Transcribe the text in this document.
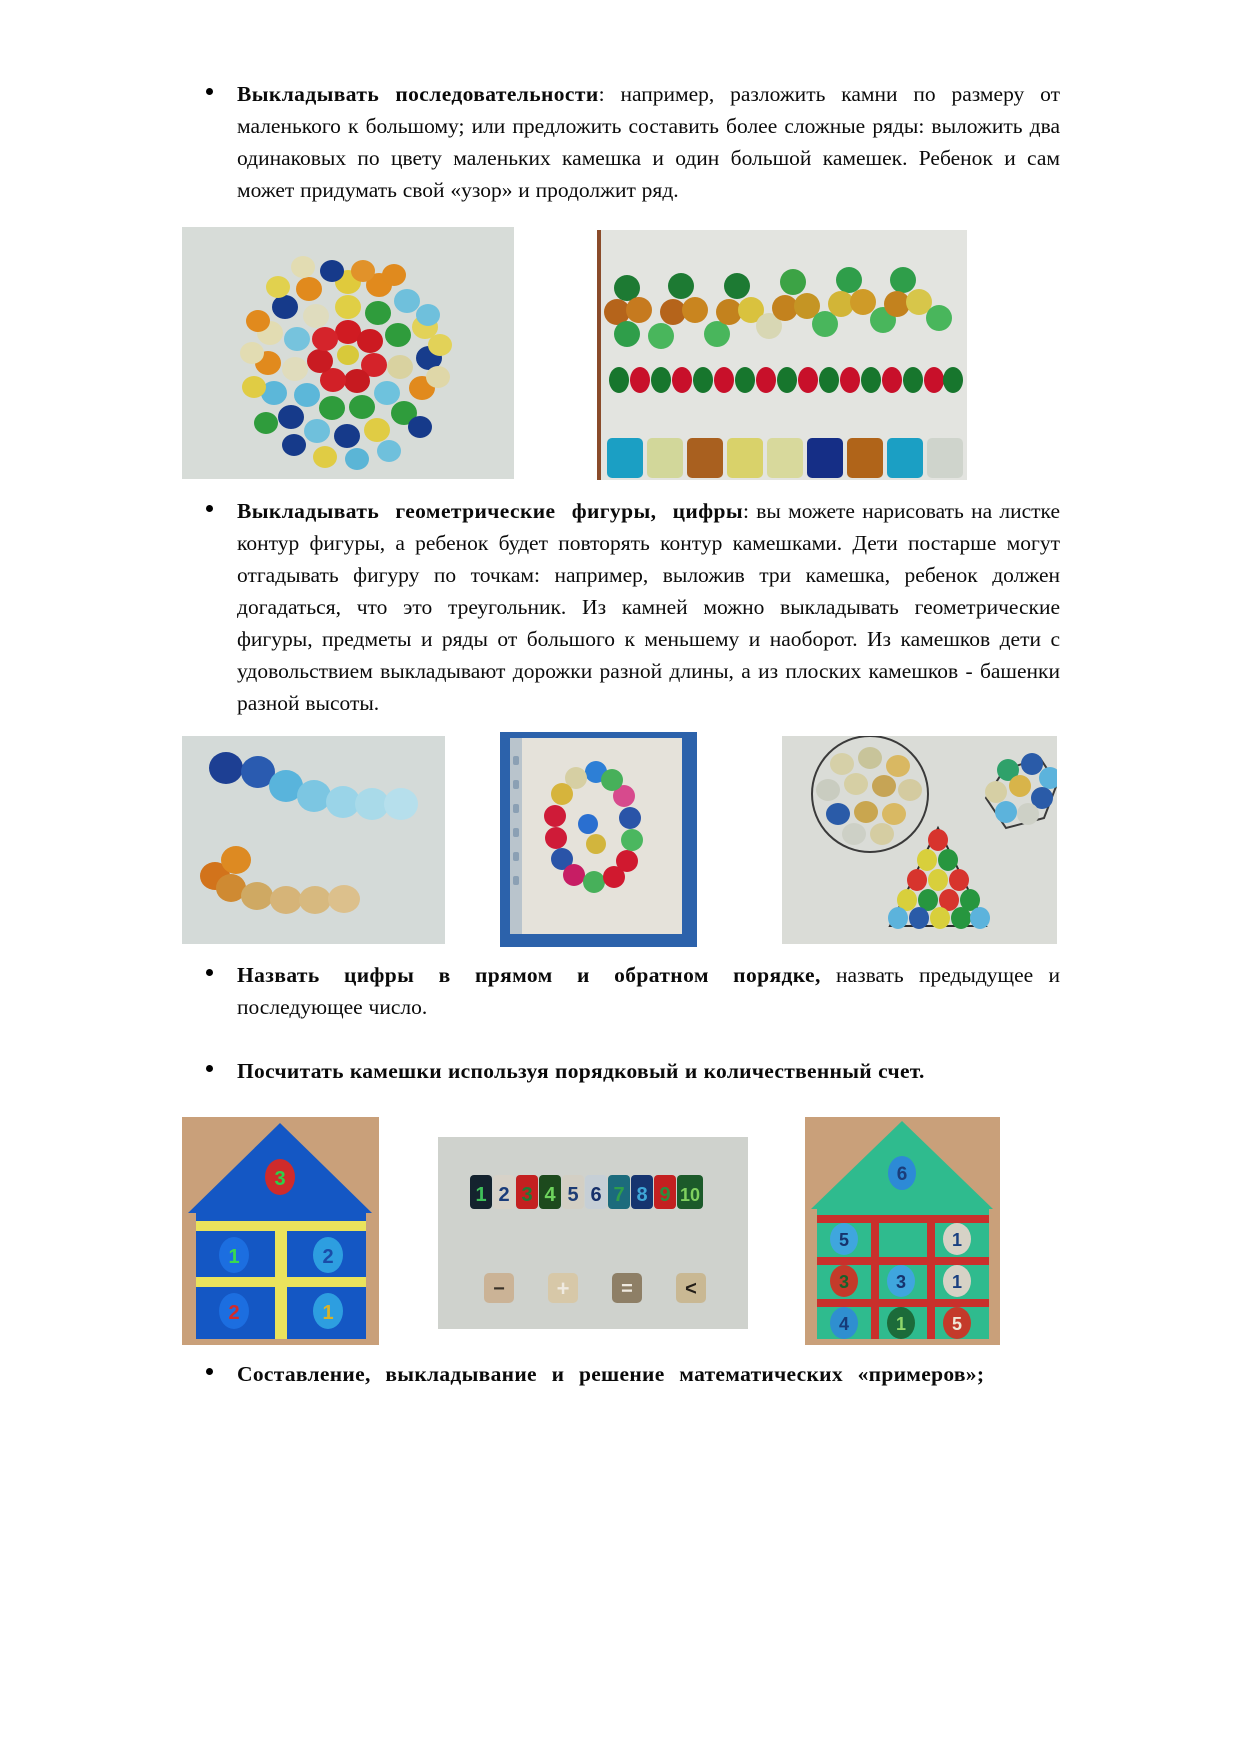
Выкладывать последовательности: например, разложить камни по размеру от маленького к большому; или предложить составить более сложные ряды: выложить два одинаковых по цвету маленьких камешка и один большой камешек. Ребенок и сам может придумать свой «узор» и продолжит ряд.

Выкладывать геометрические фигуры, цифры: вы можете нарисовать на листке контур фигуры, а ребенок будет повторять контур камешками. Дети постарше могут отгадывать фигуру по точкам: например, выложив три камешка, ребенок должен догадаться, что это треугольник. Из камней можно выкладывать геометрические фигуры, предметы и ряды от большого к меньшему и наоборот. Из камешков дети с удовольствием выкладывают дорожки разной длины, а из плоских камешков - башенки разной высоты.

Назвать цифры в прямом и обратном порядке, назвать предыдущее и последующее число.

Посчитать камешки используя порядковый и количественный счет.

3
1	2
2	1
1 2 3 4 5 6 7 8 9 10
− +	=	<
6
5	1
3	3	1
4	1	5

Составление, выкладывание и решение математических «примеров»;
